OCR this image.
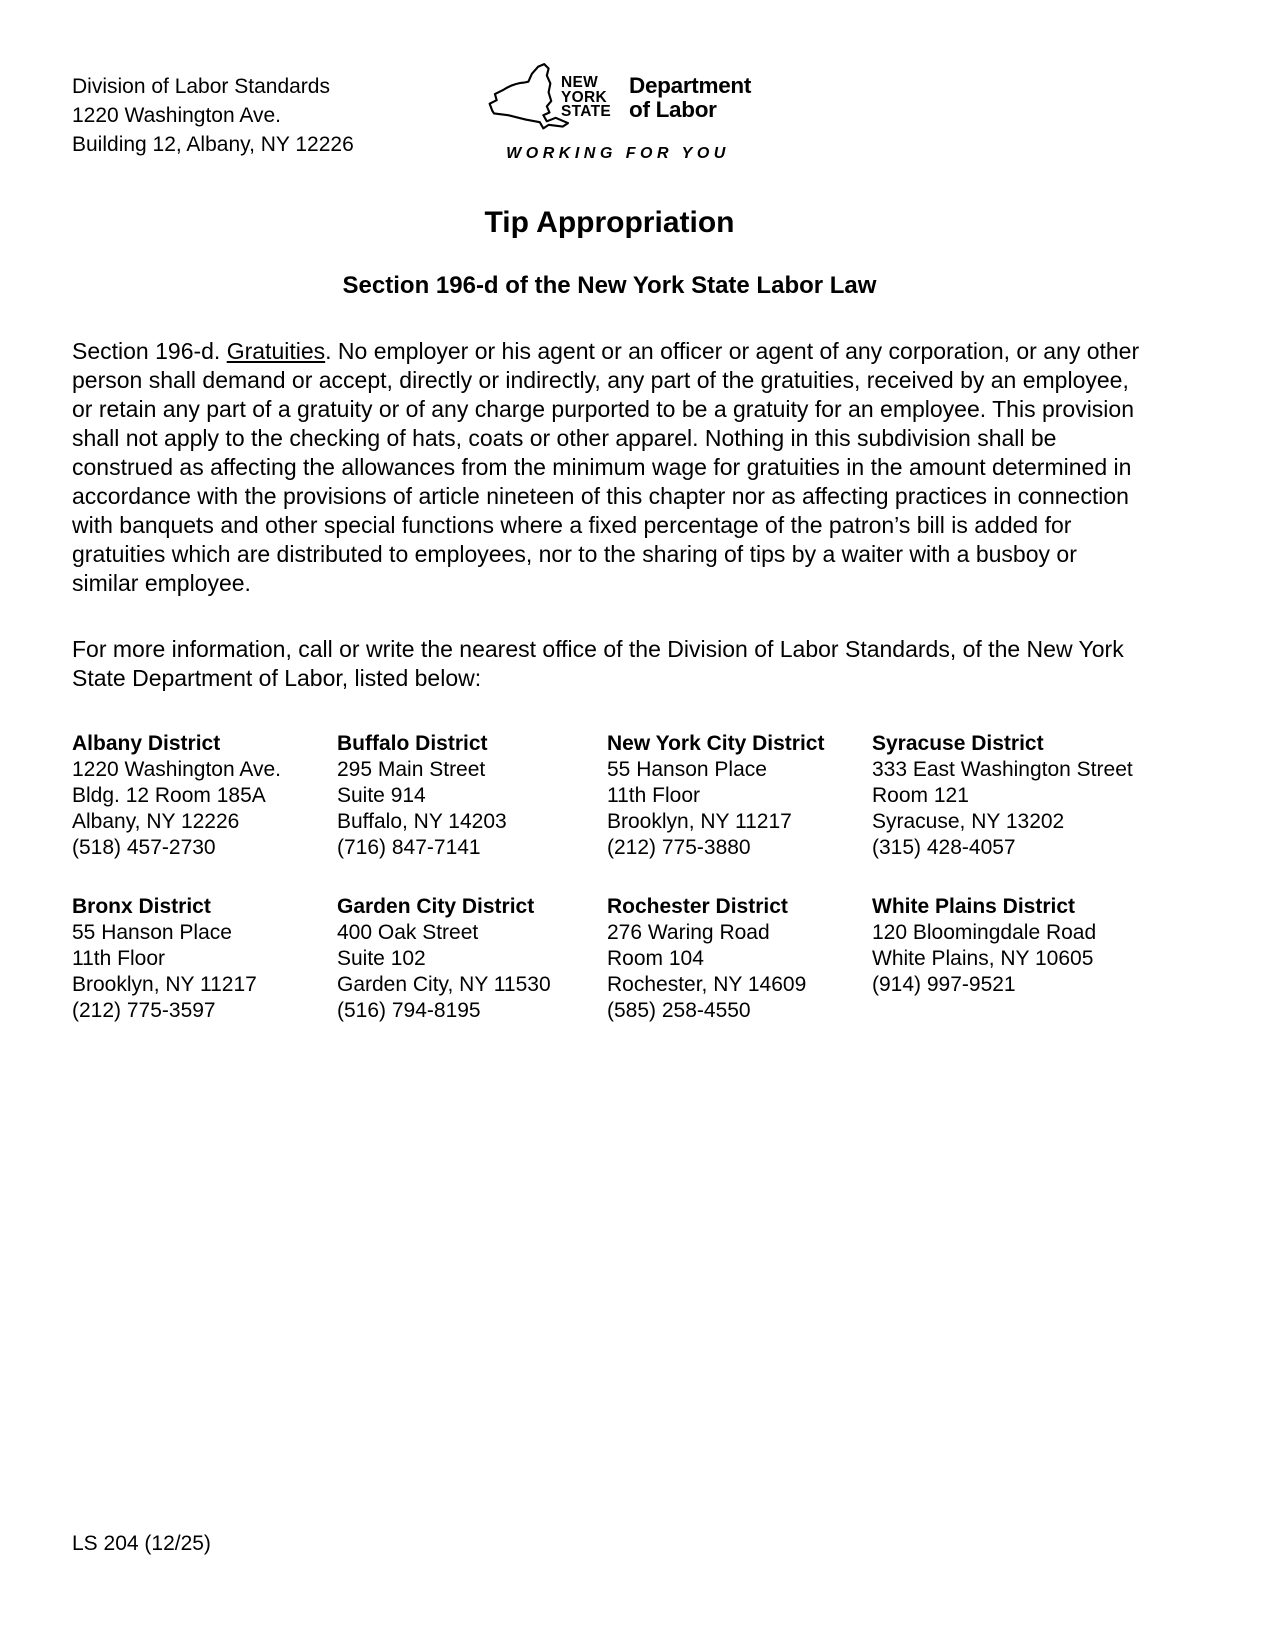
Division of Labor Standards
1220 Washington Ave.
Building 12, Albany, NY 12226
NEW
YORK
STATE
Department
of Labor
WORKING FOR YOU
Tip Appropriation
Section 196-d of the New York State Labor Law

Section 196-d. Gratuities. No employer or his agent or an officer or agent of any corporation, or any other person shall demand or accept, directly or indirectly, any part of the gratuities, received by an employee, or retain any part of a gratuity or of any charge purported to be a gratuity for an employee. This provision shall not apply to the checking of hats, coats or other apparel. Nothing in this subdivision shall be construed as affecting the allowances from the minimum wage for gratuities in the amount determined in accordance with the provisions of article nineteen of this chapter nor as affecting practices in connection with banquets and other special functions where a fixed percentage of the patron’s bill is added for gratuities which are distributed to employees, nor to the sharing of tips by a waiter with a busboy or similar employee.

For more information, call or write the nearest office of the Division of Labor Standards, of the New York State Department of Labor, listed below:

Albany District
1220 Washington Ave.
Bldg. 12 Room 185A
Albany, NY 12226
(518) 457-2730
Buffalo District
295 Main Street
Suite 914
Buffalo, NY 14203
(716) 847-7141
New York City District
55 Hanson Place
11th Floor
Brooklyn, NY 11217
(212) 775-3880
Syracuse District
333 East Washington Street
Room 121
Syracuse, NY 13202
(315) 428-4057
Bronx District
55 Hanson Place
11th Floor
Brooklyn, NY 11217
(212) 775-3597
Garden City District
400 Oak Street
Suite 102
Garden City, NY 11530
(516) 794-8195
Rochester District
276 Waring Road
Room 104
Rochester, NY 14609
(585) 258-4550
White Plains District
120 Bloomingdale Road
White Plains, NY 10605
(914) 997-9521
LS 204 (12/25)
